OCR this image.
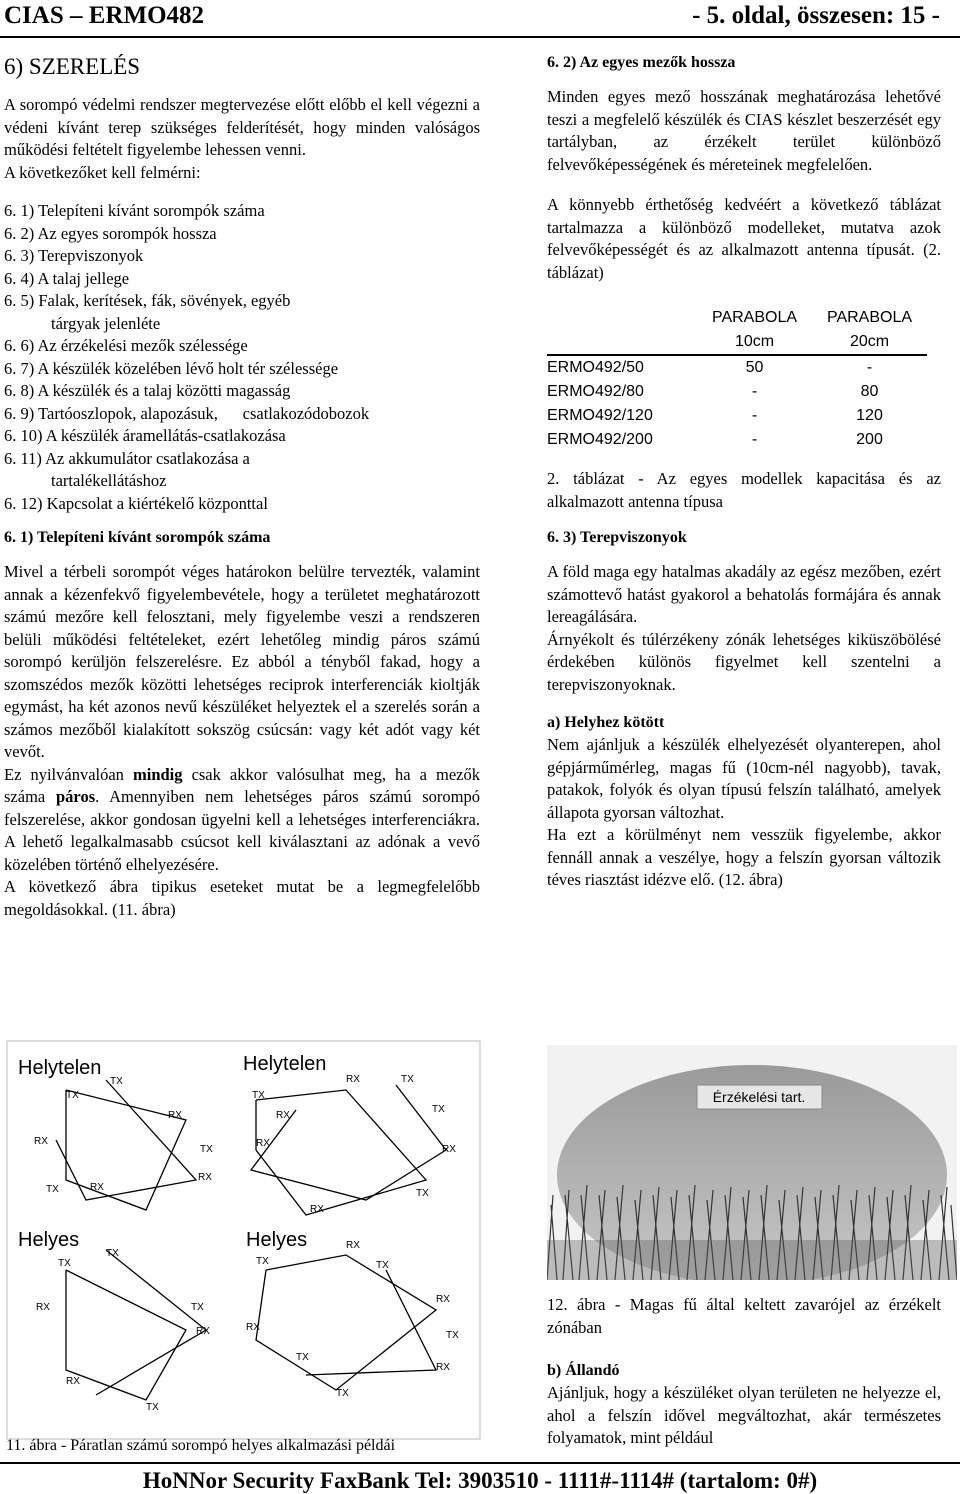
CIAS – ERMO482	- 5. oldal, összesen: 15 -
6) SZERELÉS

A sorompó védelmi rendszer megtervezése előtt előbb el kell végezni a védeni kívánt terep szükséges felderítését, hogy minden valóságos működési feltételt figyelembe lehessen venni.

A következőket kell felmérni:

6. 1) Telepíteni kívánt sorompók száma
6. 2) Az egyes sorompók hossza
6. 3) Terepviszonyok
6. 4) A talaj jellege
6. 5) Falak, kerítések, fák, sövények, egyéb
tárgyak jelenléte
6. 6) Az érzékelési mezők szélessége
6. 7) A készülék közelében lévő holt tér szélessége
6. 8) A készülék és a talaj közötti magasság
6. 9) Tartóoszlopok, alapozásuk,      csatlakozódobozok
6. 10) A készülék áramellátás-csatlakozása
6. 11) Az akkumulátor csatlakozása a
tartalékellátáshoz
6. 12) Kapcsolat a kiértékelő központtal
6. 1) Telepíteni kívánt sorompók száma

Mivel a térbeli sorompót véges határokon belülre tervezték, valamint annak a kézenfekvő figyelembevétele, hogy a területet meghatározott számú mezőre kell felosztani, mely figyelembe veszi a rendszeren belüli működési feltételeket, ezért lehetőleg mindig páros számú sorompó kerüljön felszerelésre. Ez abból a tényből fakad, hogy a szomszédos mezők közötti lehetséges reciprok interferenciák kioltják egymást, ha két azonos nevű készüléket helyeztek el a szerelés során a számos mezőből kialakított sokszög csúcsán: vagy két adót vagy két vevőt.

Ez nyilvánvalóan mindig csak akkor valósulhat meg, ha a mezők száma páros. Amennyiben nem lehetséges páros számú sorompó felszerelése, akkor gondosan ügyelni kell a lehetséges interferenciákra. A lehető legalkalmasabb csúcsot kell kiválasztani az adónak a vevő közelében történő elhelyezésére.

A következő ábra tipikus eseteket mutat be a legmegfelelőbb megoldásokkal. (11. ábra)

Helytelen	Helytelen
Helyes	Helyes
TX
TX
RX
TX
RX
RX
TX	RX
TX
RX	TX
RX
TX
RX
RX
TX
RX
TX
TX
TX
RX
RX
RX
TX
TX
RX
TX
RX
RX
TX
TX
RX
TX
11. ábra - Páratlan számú sorompó helyes alkalmazási példái
6. 2) Az egyes mezők hossza

Minden egyes mező hosszának meghatározása lehetővé teszi a megfelelő készülék és CIAS készlet beszerzését egy tartályban, az érzékelt terület különböző felvevőképességének és méreteinek megfelelően.

A könnyebb érthetőség kedvéért a következő táblázat tartalmazza a különböző modelleket, mutatva azok felvevőképességét és az alkalmazott antenna típusát. (2. táblázat)

	PARABOLA	PARABOLA
	10cm	20cm
ERMO492/50	50	-
ERMO492/80	-	80
ERMO492/120	-	120
ERMO492/200	-	200

2. táblázat - Az egyes modellek kapacitása és az alkalmazott antenna típusa

6. 3) Terepviszonyok

A föld maga egy hatalmas akadály az egész mezőben, ezért számottevő hatást gyakorol a behatolás formájára és annak lereagálására.

Árnyékolt és túlérzékeny zónák lehetséges kiküszöbölésé érdekében különös figyelmet kell szentelni a terepviszonyoknak.

a) Helyhez kötött

Nem ajánljuk a készülék elhelyezését olyanterepen, ahol gépjárműmérleg, magas fű (10cm-nél nagyobb), tavak, patakok, folyók és olyan típusú felszín található, amelyek állapota gyorsan változhat.

Ha ezt a körülményt nem vesszük figyelembe, akkor fennáll annak a veszélye, hogy a felszín gyorsan változik téves riasztást idézve elő. (12. ábra)

Érzékelési tart.
12. ábra - Magas fű által keltett zavarójel az érzékelt zónában
b) Állandó

Ajánljuk, hogy a készüléket olyan területen ne helyezze el, ahol a felszín idővel megváltozhat, akár természetes folyamatok, mint például

HoNNor Security FaxBank Tel: 3903510 - 1111#-1114# (tartalom: 0#)
